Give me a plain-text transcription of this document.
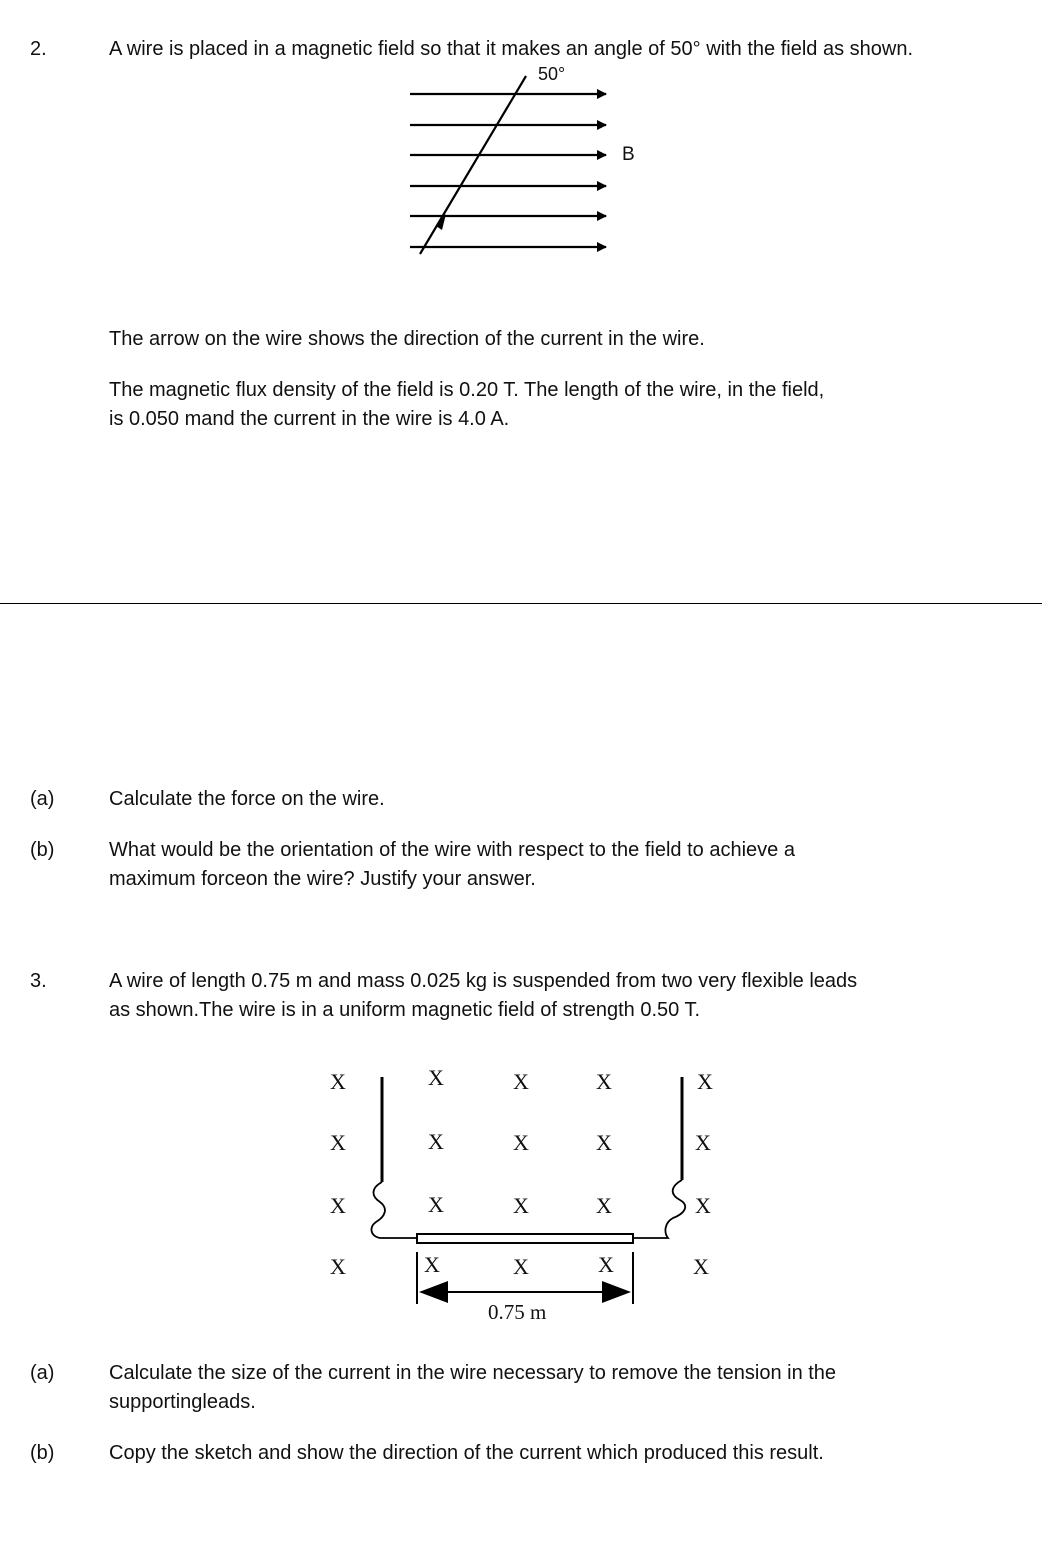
2.	A wire is placed in a magnetic field so that it makes an angle of 50° with the field as shown.
50°
B
The arrow on the wire shows the direction of the current in the wire.
The magnetic flux density of the field is 0.20 T. The length of the wire, in the field,
is 0.050 mand the current in the wire is 4.0 A.
(a)	Calculate the force on the wire.
(b)	What would be the orientation of the wire with respect to the field to achieve a
maximum forceon the wire? Justify your answer.
3.	A wire of length 0.75 m and mass 0.025 kg is suspended from two very flexible leads
as shown.The wire is in a uniform magnetic field of strength 0.50 T.
X	X	X	X	X
X	X	X	X	X
X	X	X	X	X
X	X	X	X	X
0.75 m
(a)	Calculate the size of the current in the wire necessary to remove the tension in the
supportingleads.
(b)	Copy the sketch and show the direction of the current which produced this result.
